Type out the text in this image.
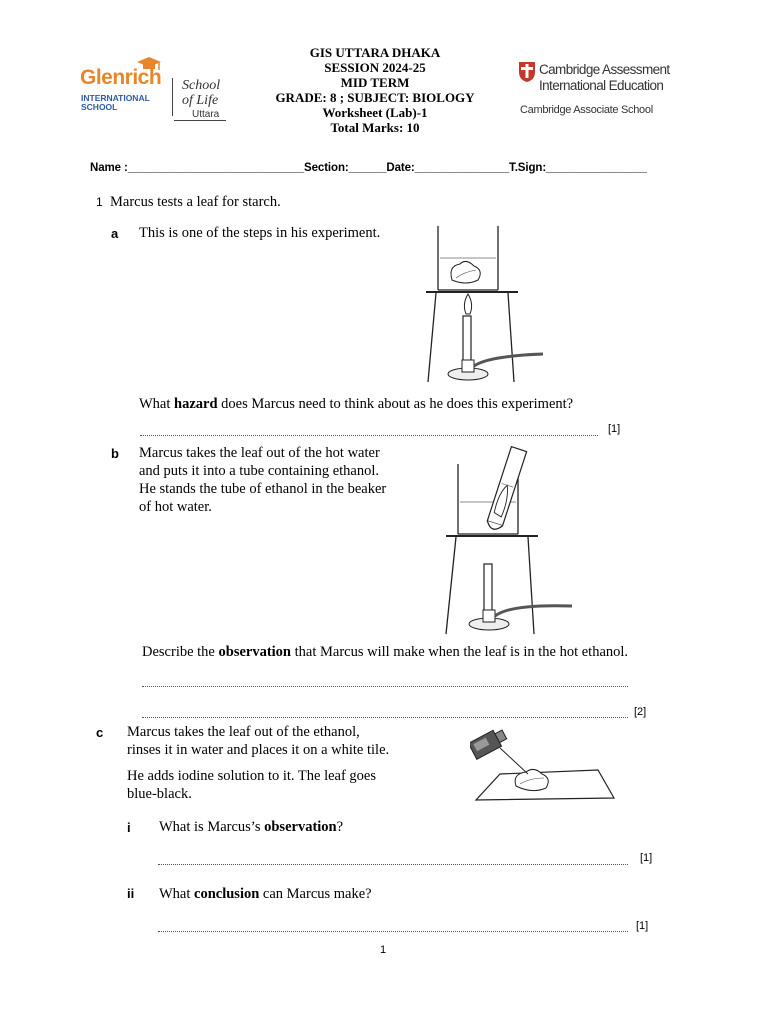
Glenrich
INTERNATIONAL
SCHOOL
School
of Life
Uttara
GIS UTTARA DHAKA
SESSION 2024-25
MID TERM
GRADE: 8 ; SUBJECT: BIOLOGY
Worksheet (Lab)-1
Total Marks: 10
Cambridge Assessment
International Education
Cambridge Associate School
Name :____________________________Section:______Date:_______________T.Sign:________________
1 Marcus tests a leaf for starch.
a This is one of the steps in his experiment.
What hazard does Marcus need to think about as he does this experiment?
[1]
b Marcus takes the leaf out of the hot water
and puts it into a tube containing ethanol.
He stands the tube of ethanol in the beaker
of hot water.
Describe the observation that Marcus will make when the leaf is in the hot ethanol.
[2]
c Marcus takes the leaf out of the ethanol,
rinses it in water and places it on a white tile.
He adds iodine solution to it. The leaf goes
blue-black.
i What is Marcus’s observation?
[1]
ii What conclusion can Marcus make?
[1]
1
